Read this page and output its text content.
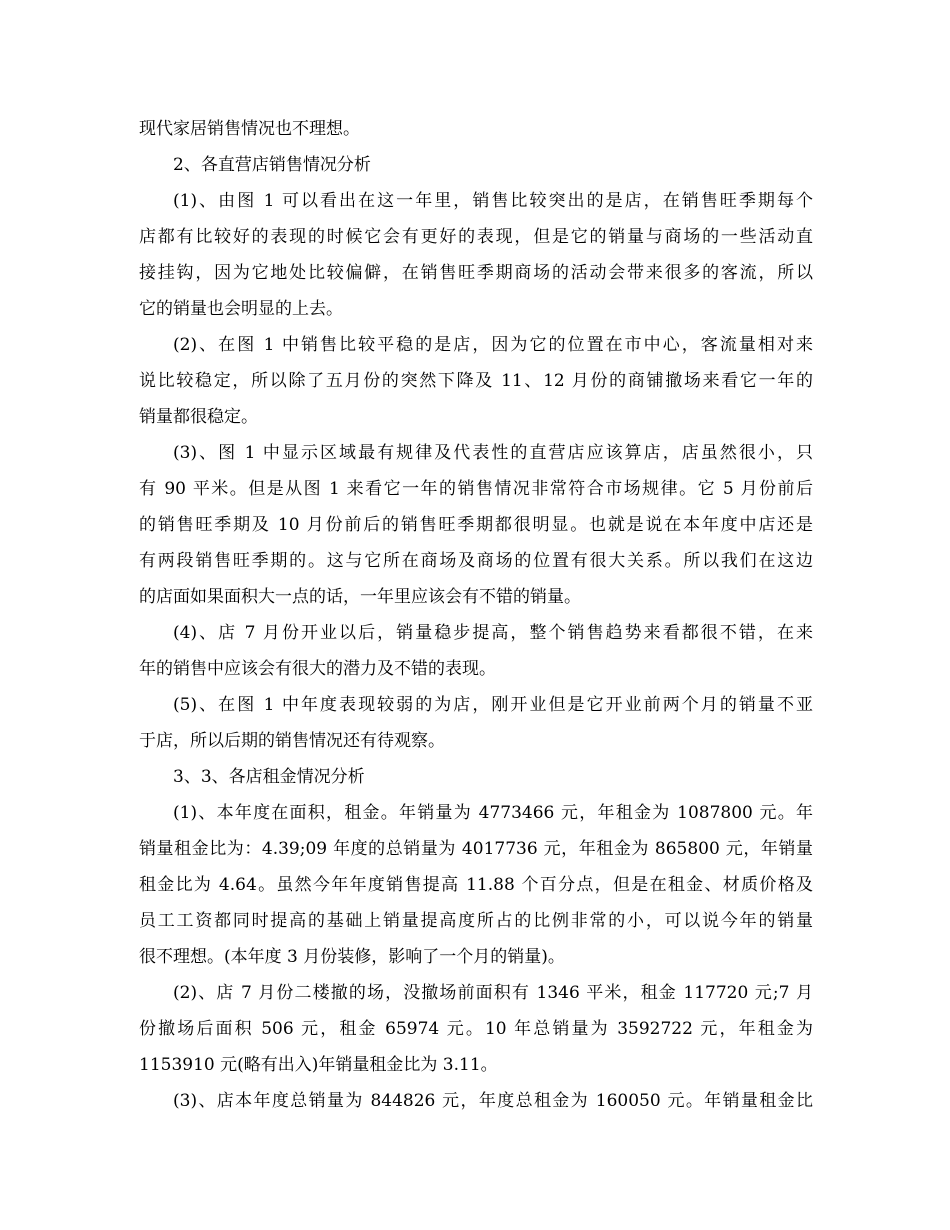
现代家居销售情况也不理想。
2、各直营店销售情况分析
(1)、由图 1 可以看出在这一年里，销售比较突出的是店，在销售旺季期每个
店都有比较好的表现的时候它会有更好的表现，但是它的销量与商场的一些活动直
接挂钩，因为它地处比较偏僻，在销售旺季期商场的活动会带来很多的客流，所以
它的销量也会明显的上去。
(2)、在图 1 中销售比较平稳的是店，因为它的位置在市中心，客流量相对来
说比较稳定，所以除了五月份的突然下降及 11、12 月份的商铺撤场来看它一年的
销量都很稳定。
(3)、图 1 中显示区域最有规律及代表性的直营店应该算店，店虽然很小，只
有 90 平米。但是从图 1 来看它一年的销售情况非常符合市场规律。它 5 月份前后
的销售旺季期及 10 月份前后的销售旺季期都很明显。也就是说在本年度中店还是
有两段销售旺季期的。这与它所在商场及商场的位置有很大关系。所以我们在这边
的店面如果面积大一点的话，一年里应该会有不错的销量。
(4)、店 7 月份开业以后，销量稳步提高，整个销售趋势来看都很不错，在来
年的销售中应该会有很大的潜力及不错的表现。
(5)、在图 1 中年度表现较弱的为店，刚开业但是它开业前两个月的销量不亚
于店，所以后期的销售情况还有待观察。
3、3、各店租金情况分析
(1)、本年度在面积，租金。年销量为 4773466 元，年租金为 1087800 元。年
销量租金比为：4.39;09 年度的总销量为 4017736 元，年租金为 865800 元，年销量
租金比为 4.64。虽然今年年度销售提高 11.88 个百分点，但是在租金、材质价格及
员工工资都同时提高的基础上销量提高度所占的比例非常的小，可以说今年的销量
很不理想。(本年度 3 月份装修，影响了一个月的销量)。
(2)、店 7 月份二楼撤的场，没撤场前面积有 1346 平米，租金 117720 元;7 月
份撤场后面积 506 元，租金 65974 元。10 年总销量为 3592722 元，年租金为
1153910 元(略有出入)年销量租金比为 3.11。
(3)、店本年度总销量为 844826 元，年度总租金为 160050 元。年销量租金比
